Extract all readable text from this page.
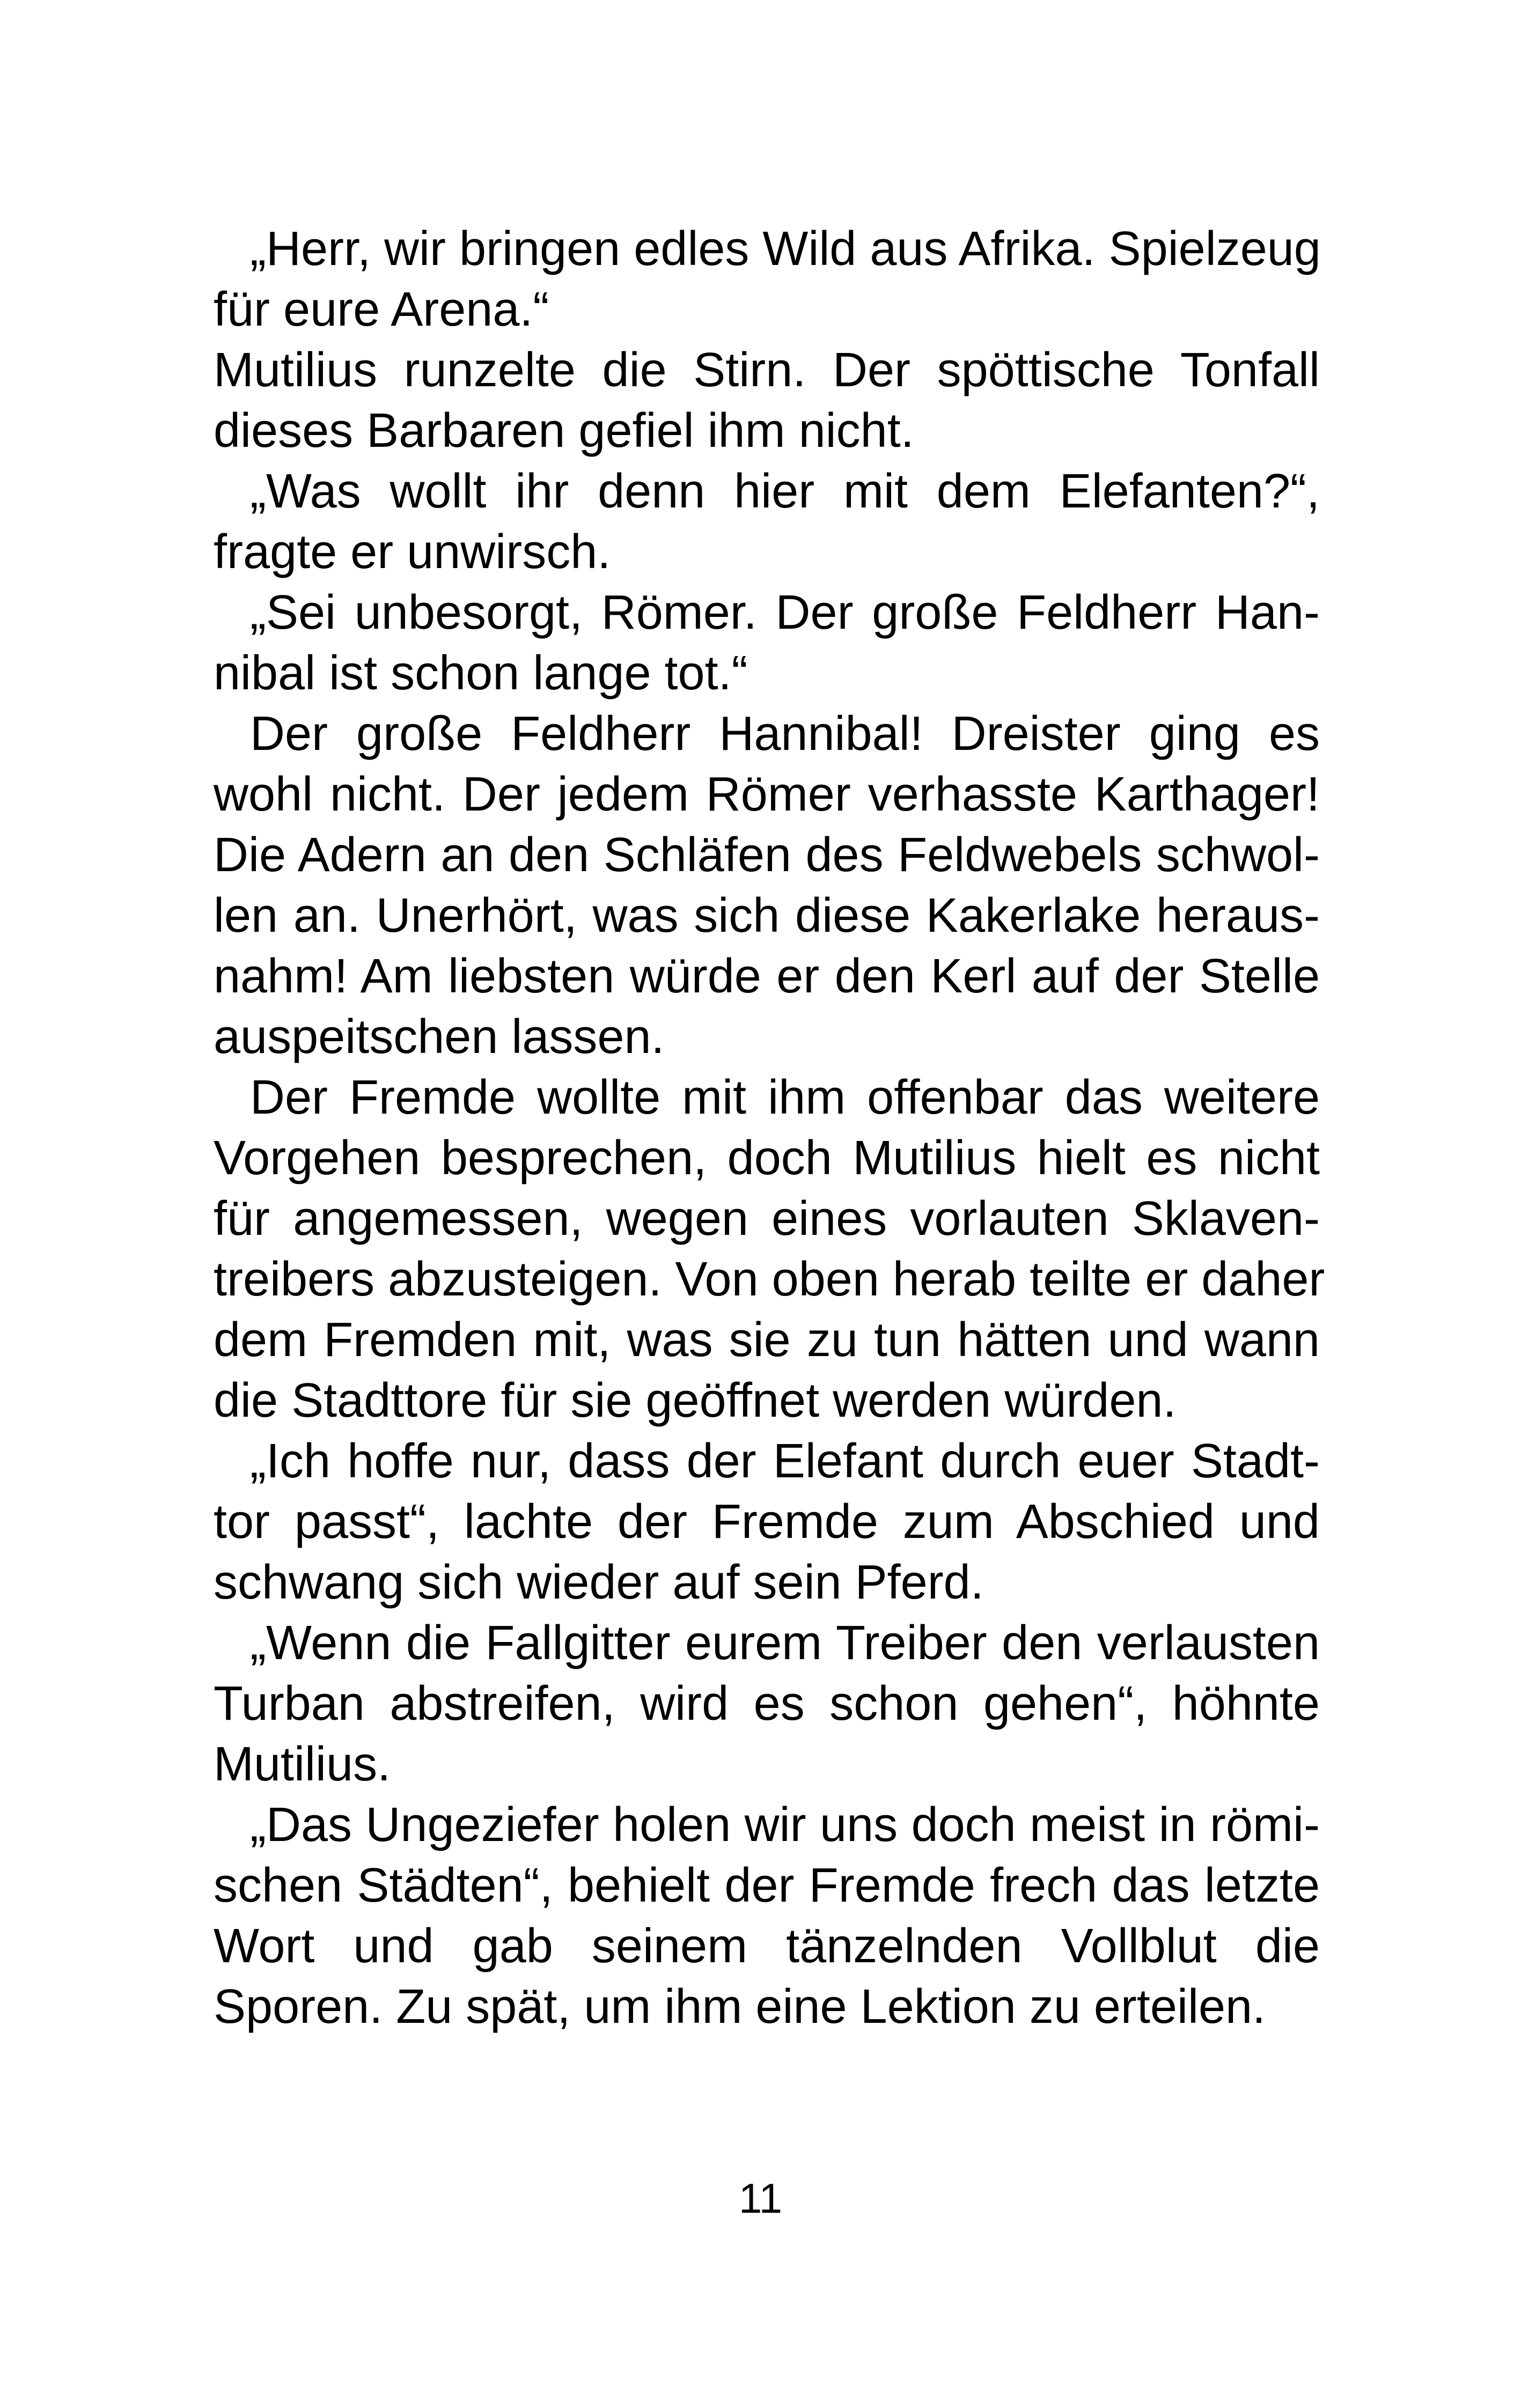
„Herr, wir bringen edles Wild aus Afrika. Spielzeug
für eure Arena.“
Mutilius runzelte die Stirn. Der spöttische Tonfall
dieses Barbaren gefiel ihm nicht.
„Was wollt ihr denn hier mit dem Elefanten?“,
fragte er unwirsch.
„Sei unbesorgt, Römer. Der große Feldherr Han-
nibal ist schon lange tot.“
Der große Feldherr Hannibal! Dreister ging es
wohl nicht. Der jedem Römer verhasste Karthager!
Die Adern an den Schläfen des Feldwebels schwol-
len an. Unerhört, was sich diese Kakerlake heraus-
nahm! Am liebsten würde er den Kerl auf der Stelle
auspeitschen lassen.
Der Fremde wollte mit ihm offenbar das weitere
Vorgehen besprechen, doch Mutilius hielt es nicht
für angemessen, wegen eines vorlauten Sklaven-
treibers abzusteigen. Von oben herab teilte er daher
dem Fremden mit, was sie zu tun hätten und wann
die Stadttore für sie geöffnet werden würden.
„Ich hoffe nur, dass der Elefant durch euer Stadt-
tor passt“, lachte der Fremde zum Abschied und
schwang sich wieder auf sein Pferd.
„Wenn die Fallgitter eurem Treiber den verlausten
Turban abstreifen, wird es schon gehen“, höhnte
Mutilius.
„Das Ungeziefer holen wir uns doch meist in römi-
schen Städten“, behielt der Fremde frech das letzte
Wort und gab seinem tänzelnden Vollblut die
Sporen. Zu spät, um ihm eine Lektion zu erteilen.
11
